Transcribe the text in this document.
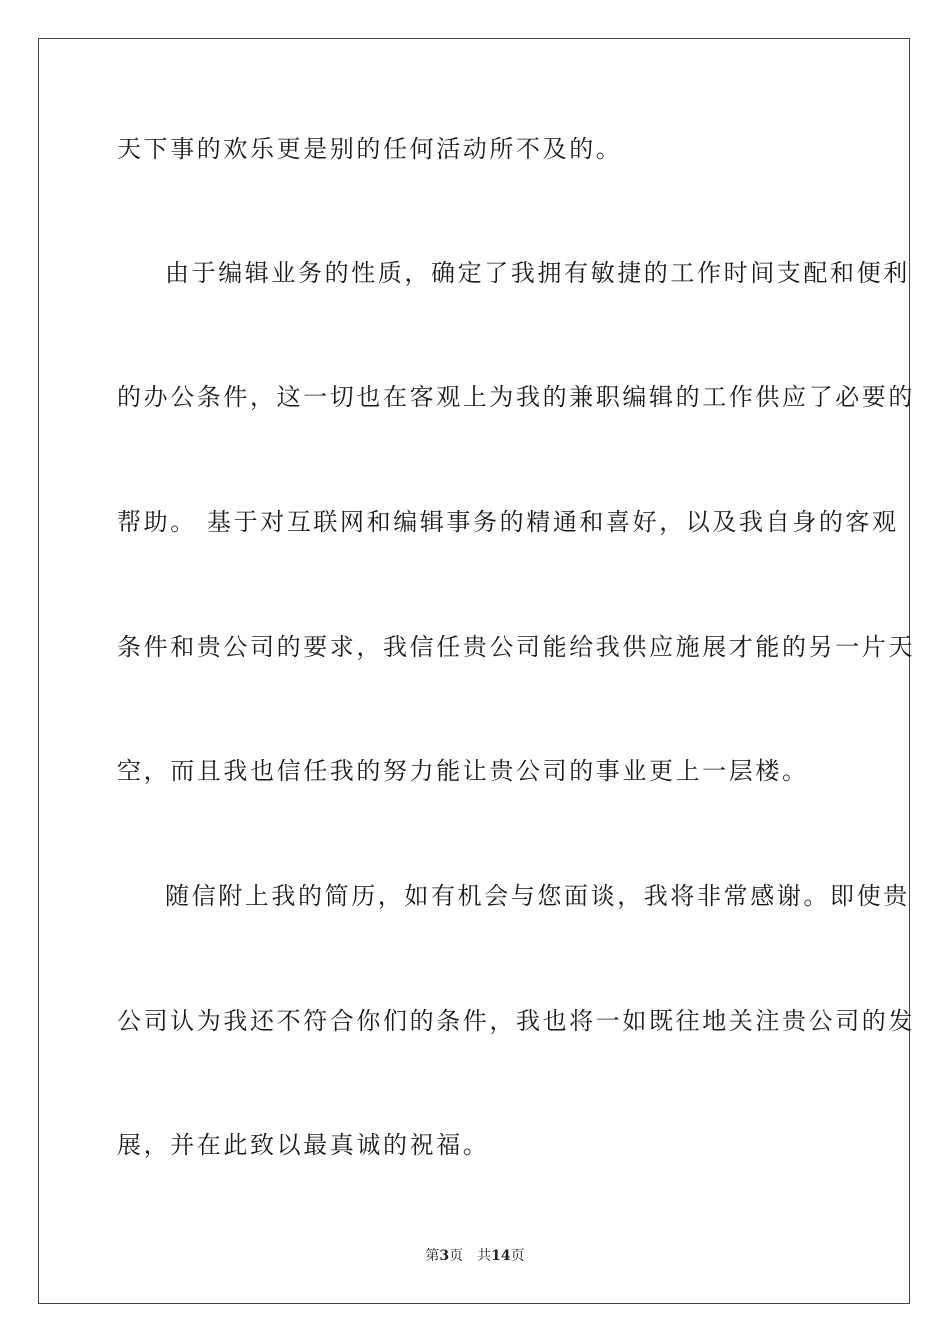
天下事的欢乐更是别的任何活动所不及的。

由于编辑业务的性质，确定了我拥有敏捷的工作时间支配和便利

的办公条件，这一切也在客观上为我的兼职编辑的工作供应了必要的

帮助。 基于对互联网和编辑事务的精通和喜好，以及我自身的客观

条件和贵公司的要求，我信任贵公司能给我供应施展才能的另一片天

空，而且我也信任我的努力能让贵公司的事业更上一层楼。

随信附上我的简历，如有机会与您面谈，我将非常感谢。即使贵

公司认为我还不符合你们的条件，我也将一如既往地关注贵公司的发

展，并在此致以最真诚的祝福。

第3页 共14页
